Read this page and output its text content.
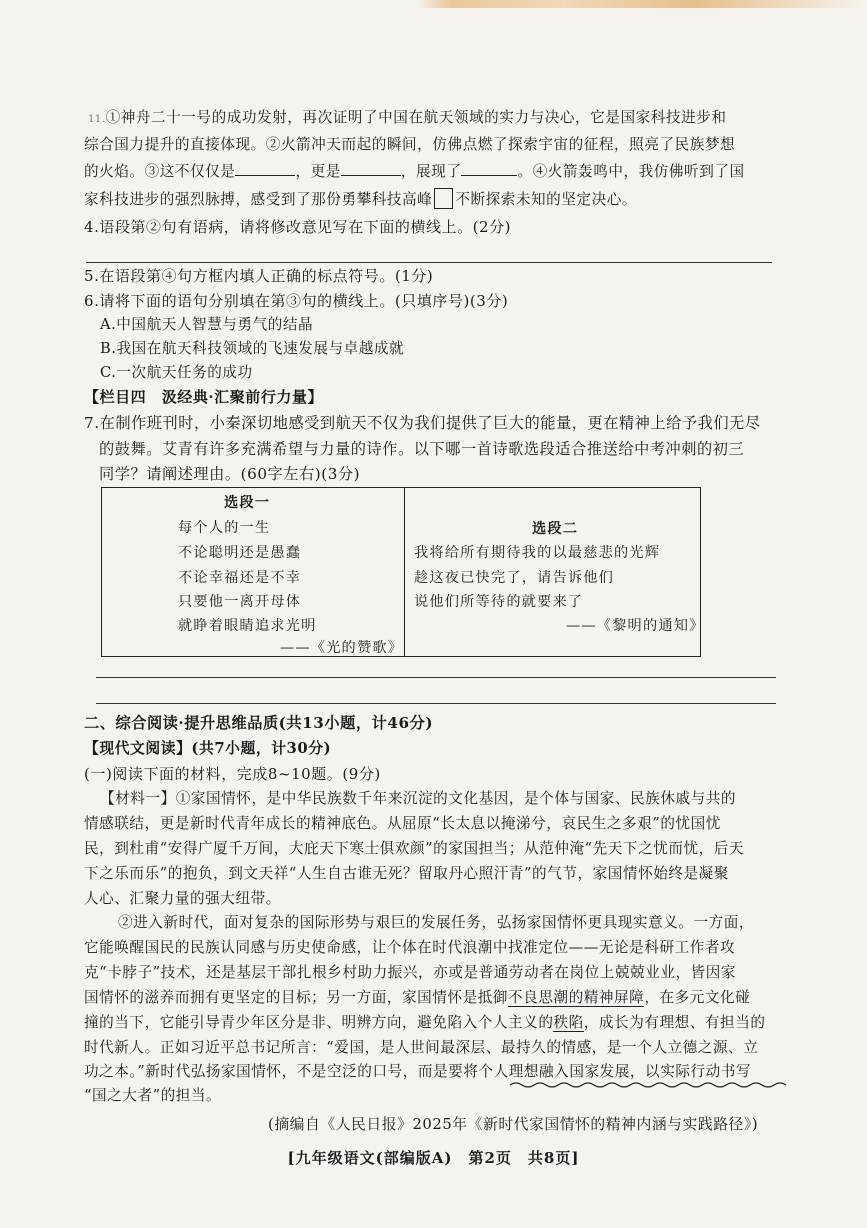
11.①神舟二十一号的成功发射，再次证明了中国在航天领域的实力与决心，它是国家科技进步和
综合国力提升的直接体现。②火箭冲天而起的瞬间，仿佛点燃了探索宇宙的征程，照亮了民族梦想
的火焰。③这不仅仅是	，更是	，展现了	。④火箭轰鸣中，我仿佛听到了国
家科技进步的强烈脉搏，感受到了那份勇攀科技高峰 不断探索未知的坚定决心。
4.语段第②句有语病，请将修改意见写在下面的横线上。(2分)
5.在语段第④句方框内填人正确的标点符号。(1分)
6.请将下面的语句分别填在第③句的横线上。(只填序号)(3分)
A.中国航天人智慧与勇气的结晶
B.我国在航天科技领域的飞速发展与卓越成就
C.一次航天任务的成功
【栏目四　汲经典·汇聚前行力量】
7.在制作班刊时，小秦深切地感受到航天不仅为我们提供了巨大的能量，更在精神上给予我们无尽
的鼓舞。艾青有许多充满希望与力量的诗作。以下哪一首诗歌选段适合推送给中考冲刺的初三
同学？请阐述理由。(60字左右)(3分)
选段一
每个人的一生
不论聪明还是愚蠢
不论幸福还是不幸
只要他一离开母体
就睁着眼睛追求光明
——《光的赞歌》
选段二
我将给所有期待我的以最慈悲的光辉
趁这夜已快完了，请告诉他们
说他们所等待的就要来了
——《黎明的通知》
二、综合阅读·提升思维品质(共13小题，计46分)
【现代文阅读】(共7小题，计30分)
(一)阅读下面的材料，完成8~10题。(9分)
【材料一】①家国情怀，是中华民族数千年来沉淀的文化基因，是个体与国家、民族休戚与共的
情感联结，更是新时代青年成长的精神底色。从屈原“长太息以掩涕兮，哀民生之多艰”的忧国忧
民，到杜甫“安得广厦千万间，大庇天下寒士俱欢颜”的家国担当；从范仲淹“先天下之忧而忧，后天
下之乐而乐”的抱负，到文天祥“人生自古谁无死？留取丹心照汗青”的气节，家国情怀始终是凝聚
人心、汇聚力量的强大纽带。
②进入新时代，面对复杂的国际形势与艰巨的发展任务，弘扬家国情怀更具现实意义。一方面，
它能唤醒国民的民族认同感与历史使命感，让个体在时代浪潮中找准定位——无论是科研工作者攻
克“卡脖子”技术，还是基层干部扎根乡村助力振兴，亦或是普通劳动者在岗位上兢兢业业，皆因家
国情怀的滋养而拥有更坚定的目标；另一方面，家国情怀是抵御不良思潮的精神屏障，在多元文化碰
撞的当下，它能引导青少年区分是非、明辨方向，避免陷入个人主义的秩陷，成长为有理想、有担当的
时代新人。正如习近平总书记所言：“爱国，是人世间最深层、最持久的情感，是一个人立德之源、立
功之本。”新时代弘扬家国情怀，不是空泛的口号，而是要将个人理想融入国家发展，以实际行动书写
“国之大者”的担当。
(摘编自《人民日报》2025年《新时代家国情怀的精神内涵与实践路径》)
[九年级语文(部编版A)　第2页　共8页]
